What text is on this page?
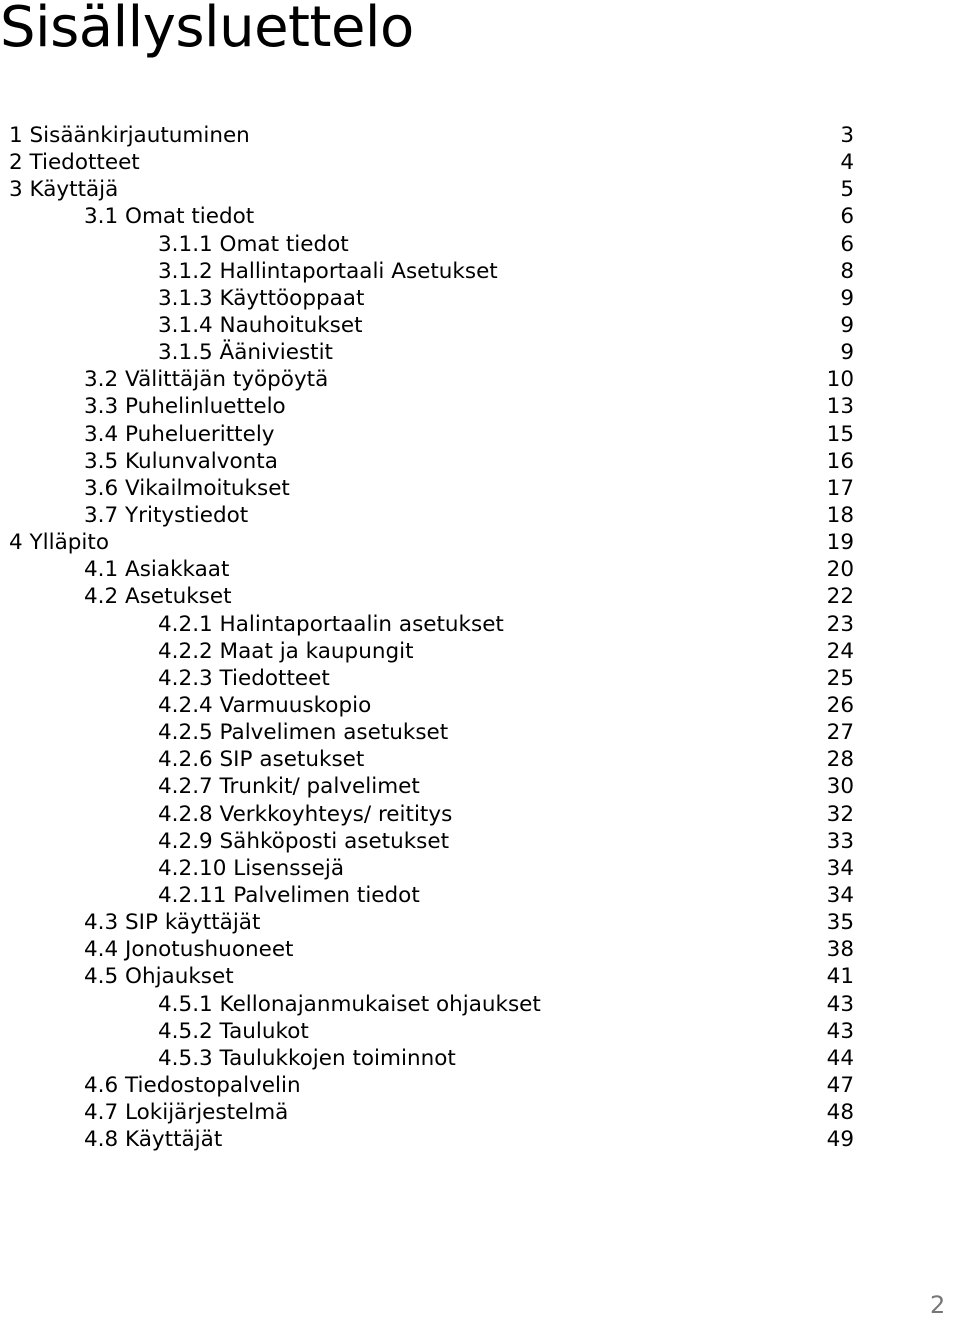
Sisällysluettelo
1 Sisäänkirjautuminen	3
2 Tiedotteet	4
3 Käyttäjä	5
3.1 Omat tiedot	6
3.1.1 Omat tiedot	6
3.1.2 Hallintaportaali Asetukset	8
3.1.3 Käyttöoppaat	9
3.1.4 Nauhoitukset	9
3.1.5 Ääniviestit	9
3.2 Välittäjän työpöytä	10
3.3 Puhelinluettelo	13
3.4 Puheluerittely	15
3.5 Kulunvalvonta	16
3.6 Vikailmoitukset	17
3.7 Yritystiedot	18
4 Ylläpito	19
4.1 Asiakkaat	20
4.2 Asetukset	22
4.2.1 Halintaportaalin asetukset	23
4.2.2 Maat ja kaupungit	24
4.2.3 Tiedotteet	25
4.2.4 Varmuuskopio	26
4.2.5 Palvelimen asetukset	27
4.2.6 SIP asetukset	28
4.2.7 Trunkit/ palvelimet	30
4.2.8 Verkkoyhteys/ reititys	32
4.2.9 Sähköposti asetukset	33
4.2.10 Lisenssejä	34
4.2.11 Palvelimen tiedot	34
4.3 SIP käyttäjät	35
4.4 Jonotushuoneet	38
4.5 Ohjaukset	41
4.5.1 Kellonajanmukaiset ohjaukset	43
4.5.2 Taulukot	43
4.5.3 Taulukkojen toiminnot	44
4.6 Tiedostopalvelin	47
4.7 Lokijärjestelmä	48
4.8 Käyttäjät	49
2
